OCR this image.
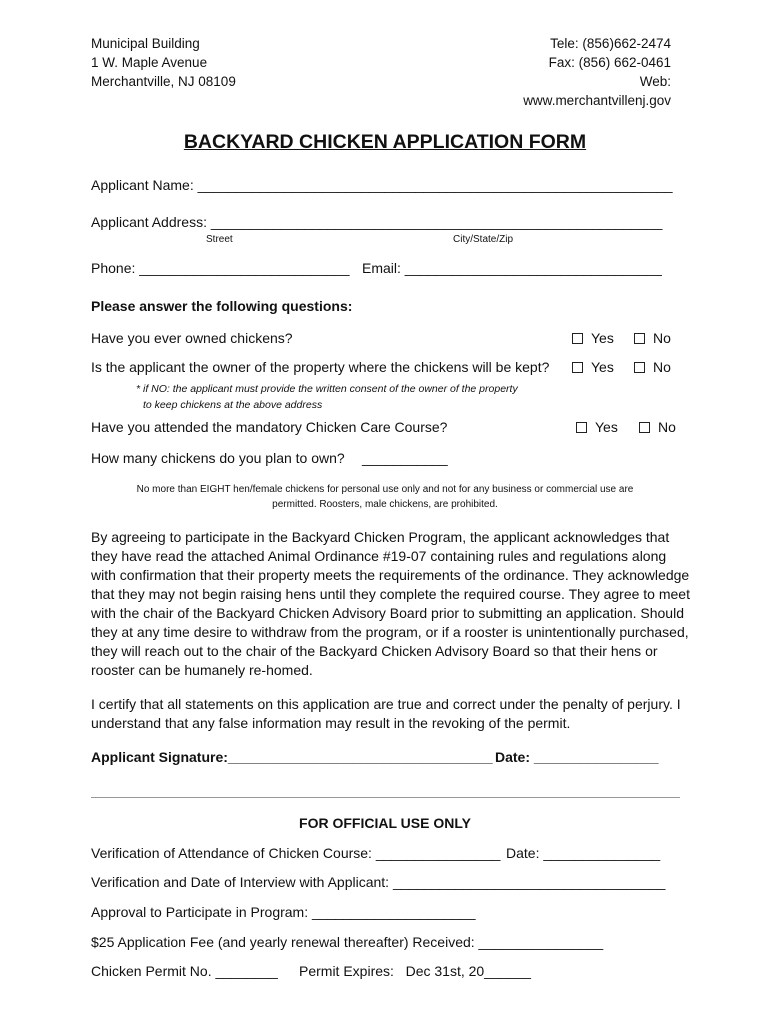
Municipal Building
1 W. Maple Avenue
Merchantville, NJ 08109
Tele: (856)662-2474
Fax: (856) 662-0461
Web:
www.merchantvillenj.gov
BACKYARD CHICKEN APPLICATION FORM
Applicant Name: _____________________________________________________________
Applicant Address: __________________________________________________________
Street	City/State/Zip
Phone: ___________________________ Email: _________________________________
Please answer the following questions:
Have you ever owned chickens?	Yes	No
Is the applicant the owner of the property where the chickens will be kept?	Yes	No
* if NO: the applicant must provide the written consent of the owner of the property
to keep chickens at the above address
Have you attended the mandatory Chicken Care Course?	Yes	No
How many chickens do you plan to own? ___________
No more than EIGHT hen/female chickens for personal use only and not for any business or commercial use are
permitted. Roosters, male chickens, are prohibited.
By agreeing to participate in the Backyard Chicken Program, the applicant acknowledges that they have read the attached Animal Ordinance #19-07 containing rules and regulations along with confirmation that their property meets the requirements of the ordinance. They acknowledge that they may not begin raising hens until they complete the required course. They agree to meet with the chair of the Backyard Chicken Advisory Board prior to submitting an application. Should they at any time desire to withdraw from the program, or if a rooster is unintentionally purchased, they will reach out to the chair of the Backyard Chicken Advisory Board so that their hens or rooster can be humanely re-homed.
I certify that all statements on this application are true and correct under the penalty of perjury. I understand that any false information may result in the revoking of the permit.
Applicant Signature:__________________________________ Date: ________________
FOR OFFICIAL USE ONLY
Verification of Attendance of Chicken Course: ________________ Date: _______________
Verification and Date of Interview with Applicant: ___________________________________
Approval to Participate in Program: _____________________
$25 Application Fee (and yearly renewal thereafter) Received: ________________
Chicken Permit No. ________ Permit Expires:   Dec 31st, 20______
